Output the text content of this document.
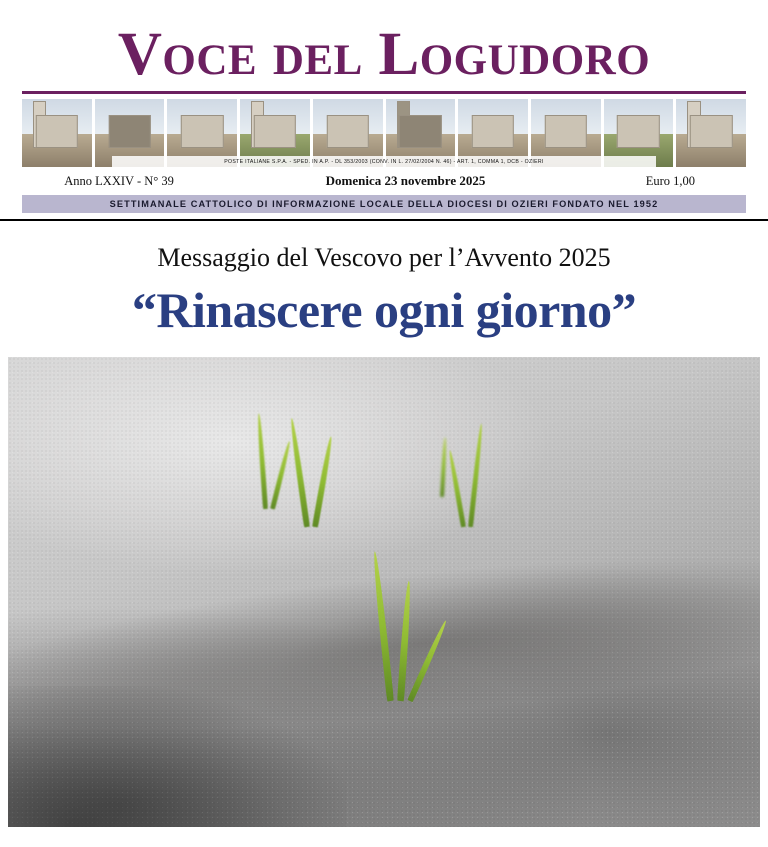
Voce del Logudoro
POSTE ITALIANE S.P.A. - SPED. IN A.P. - DL 353/2003 (CONV. IN L. 27/02/2004 N. 46) - ART. 1, COMMA 1, DCB - OZIERI
Anno LXXIV - N° 39	Domenica 23 novembre 2025	Euro 1,00
SETTIMANALE CATTOLICO DI INFORMAZIONE LOCALE DELLA DIOCESI DI OZIERI FONDATO NEL 1952
Messaggio del Vescovo per l’Avvento 2025
“Rinascere ogni giorno”
